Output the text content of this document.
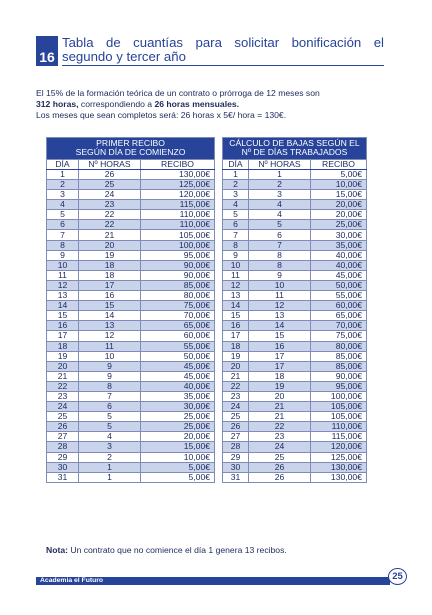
16
Tabla de cuantías para solicitar bonificación el segundo y tercer año
El 15% de la formación teórica de un contrato o prórroga de 12 meses son
312 horas, correspondiendo a 26 horas mensuales.
Los meses que sean completos será: 26 horas x 5€/ hora = 130€.
PRIMER RECIBO
SEGÚN DÍA DE COMIENZO		

DÍA	Nº HORAS	RECIBO
1	26	130,00€
2	25	125,00€
3	24	120,00€
4	23	115,00€
5	22	110,00€
6	22	110,00€
7	21	105,00€
8	20	100,00€
9	19	95,00€
10	18	90,00€
11	18	90,00€
12	17	85,00€
13	16	80,00€
14	15	75,00€
15	14	70,00€
16	13	65,00€
17	12	60,00€
18	11	55,00€
19	10	50,00€
20	9	45,00€
21	9	45,00€
22	8	40,00€
23	7	35,00€
24	6	30,00€
25	5	25,00€
26	5	25,00€
27	4	20,00€
28	3	15,00€
29	2	10,00€
30	1	5,00€
31	1	5,00€
CÁLCULO DE BAJAS SEGÚN EL
Nº DE DÍAS TRABAJADOS		

DÍA	Nº HORAS	RECIBO
1	1	5,00€
2	2	10,00€
3	3	15,00€
4	4	20,00€
5	4	20,00€
6	5	25,00€
7	6	30,00€
8	7	35,00€
9	8	40,00€
10	8	40,00€
11	9	45,00€
12	10	50,00€
13	11	55,00€
14	12	60,00€
15	13	65,00€
16	14	70,00€
17	15	75,00€
18	16	80,00€
19	17	85,00€
20	17	85,00€
21	18	90,00€
22	19	95,00€
23	20	100,00€
24	21	105,00€
25	21	105,00€
26	22	110,00€
27	23	115,00€
28	24	120,00€
29	25	125,00€
30	26	130,00€
31	26	130,00€
Nota: Un contrato que no comience el día 1 genera 13 recibos.
Academia el Futuro	25
